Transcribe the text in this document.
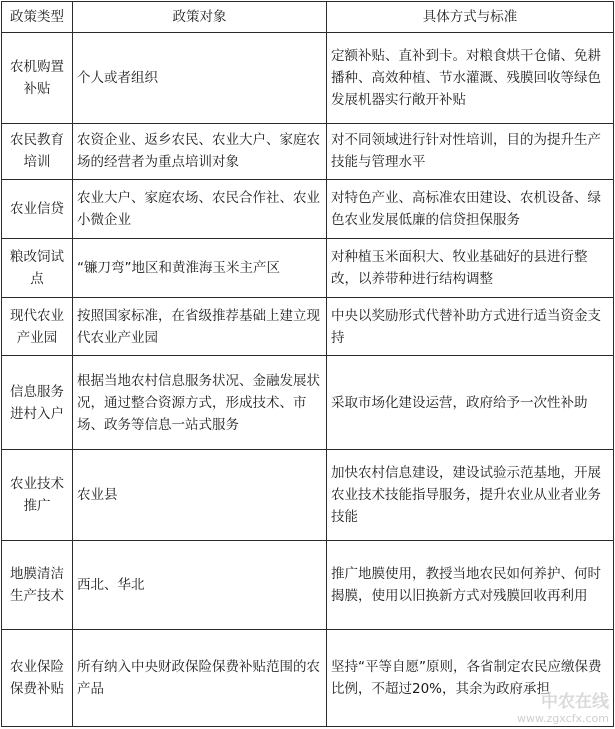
政策类型	政策对象	具体方式与标准
农机购置补贴	个人或者组织	定额补贴、直补到卡。对粮食烘干仓储、免耕播种、高效种植、节水灌溉、残膜回收等绿色发展机器实行敞开补贴
农民教育培训	农资企业、返乡农民、农业大户、家庭农场的经营者为重点培训对象	对不同领域进行针对性培训，目的为提升生产技能与管理水平
农业信贷	农业大户、家庭农场、农民合作社、农业小微企业	对特色产业、高标准农田建设、农机设备、绿色农业发展低廉的信贷担保服务
粮改饲试点	“镰刀弯”地区和黄淮海玉米主产区	对种植玉米面积大、牧业基础好的县进行整改，以养带种进行结构调整
现代农业产业园	按照国家标准，在省级推荐基础上建立现代农业产业园	中央以奖励形式代替补助方式进行适当资金支持
信息服务进村入户	根据当地农村信息服务状况、金融发展状况，通过整合资源方式，形成技术、市场、政务等信息一站式服务	采取市场化建设运营，政府给予一次性补助
农业技术推广	农业县	加快农村信息建设，建设试验示范基地，开展农业技术技能指导服务，提升农业从业者业务技能
地膜清洁生产技术	西北、华北	推广地膜使用，教授当地农民如何养护、何时揭膜，使用以旧换新方式对残膜回收再利用
农业保险保费补贴	所有纳入中央财政保险保费补贴范围的农产品	坚持“平等自愿”原则，各省制定农民应缴保费比例，不超过20%，其余为政府承担
中农在线
www.zgxcfx.com
